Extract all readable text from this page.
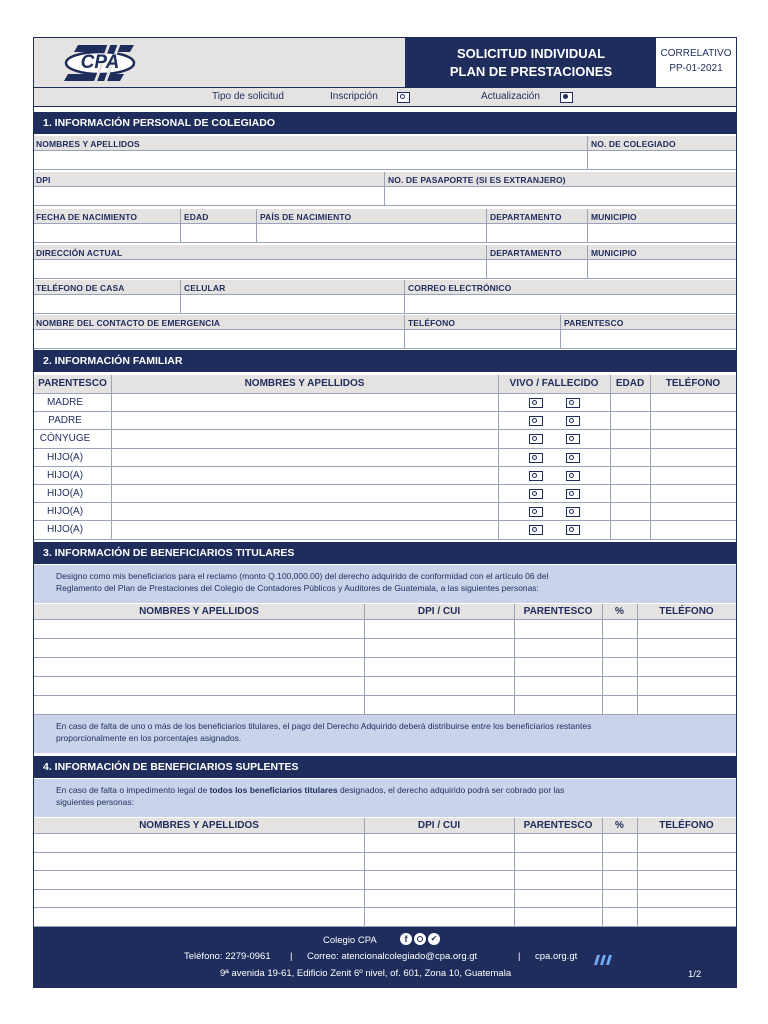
CPA	SOLICITUD INDIVIDUAL
PLAN DE PRESTACIONES
CORRELATIVO
PP-01-2021
Tipo de solicitud	Inscripción	Actualización
1. INFORMACIÓN PERSONAL DE COLEGIADO
NOMBRES Y APELLIDOS	NO. DE COLEGIADO
DPI	NO. DE PASAPORTE (SI ES EXTRANJERO)
FECHA DE NACIMIENTO	EDAD	PAÍS DE NACIMIENTO	DEPARTAMENTO	MUNICIPIO
DIRECCIÓN ACTUAL	DEPARTAMENTO	MUNICIPIO
TELÉFONO DE CASA	CELULAR	CORREO ELECTRÓNICO
NOMBRE DEL CONTACTO DE EMERGENCIA	TELÉFONO	PARENTESCO
2. INFORMACIÓN FAMILIAR
PARENTESCO	NOMBRES Y APELLIDOS	VIVO / FALLECIDO	EDAD	TELÉFONO
MADRE
PADRE
CÓNYUGE
HIJO(A)
HIJO(A)
HIJO(A)
HIJO(A)
HIJO(A)
3. INFORMACIÓN DE BENEFICIARIOS TITULARES
Designo como mis beneficiarios para el reclamo (monto Q.100,000.00) del derecho adquirido de conformidad con el artículo 06 del
Reglamento del Plan de Prestaciones del Colegio de Contadores Públicos y Auditores de Guatemala, a las siguientes personas:
NOMBRES Y APELLIDOS	DPI / CUI	PARENTESCO	%	TELÉFONO
En caso de falta de uno o más de los beneficiarios titulares, el pago del Derecho Adquirido deberá distribuirse entre los beneficiarios restantes
proporcionalmente en los porcentajes asignados.
4. INFORMACIÓN DE BENEFICIARIOS SUPLENTES
En caso de falta o impedimento legal de todos los beneficiarios titulares designados, el derecho adquirido podrá ser cobrado por las
siguientes personas:
NOMBRES Y APELLIDOS	DPI / CUI	PARENTESCO	%	TELÉFONO
Colegio CPA	f	✔
Teléfono: 2279-0961 | Correo: atencionalcolegiado@cpa.org.gt	| cpa.org.gt
9ª avenida 19-61, Edificio Zenit 6º nivel, of. 601, Zona 10, Guatemala	1/2
